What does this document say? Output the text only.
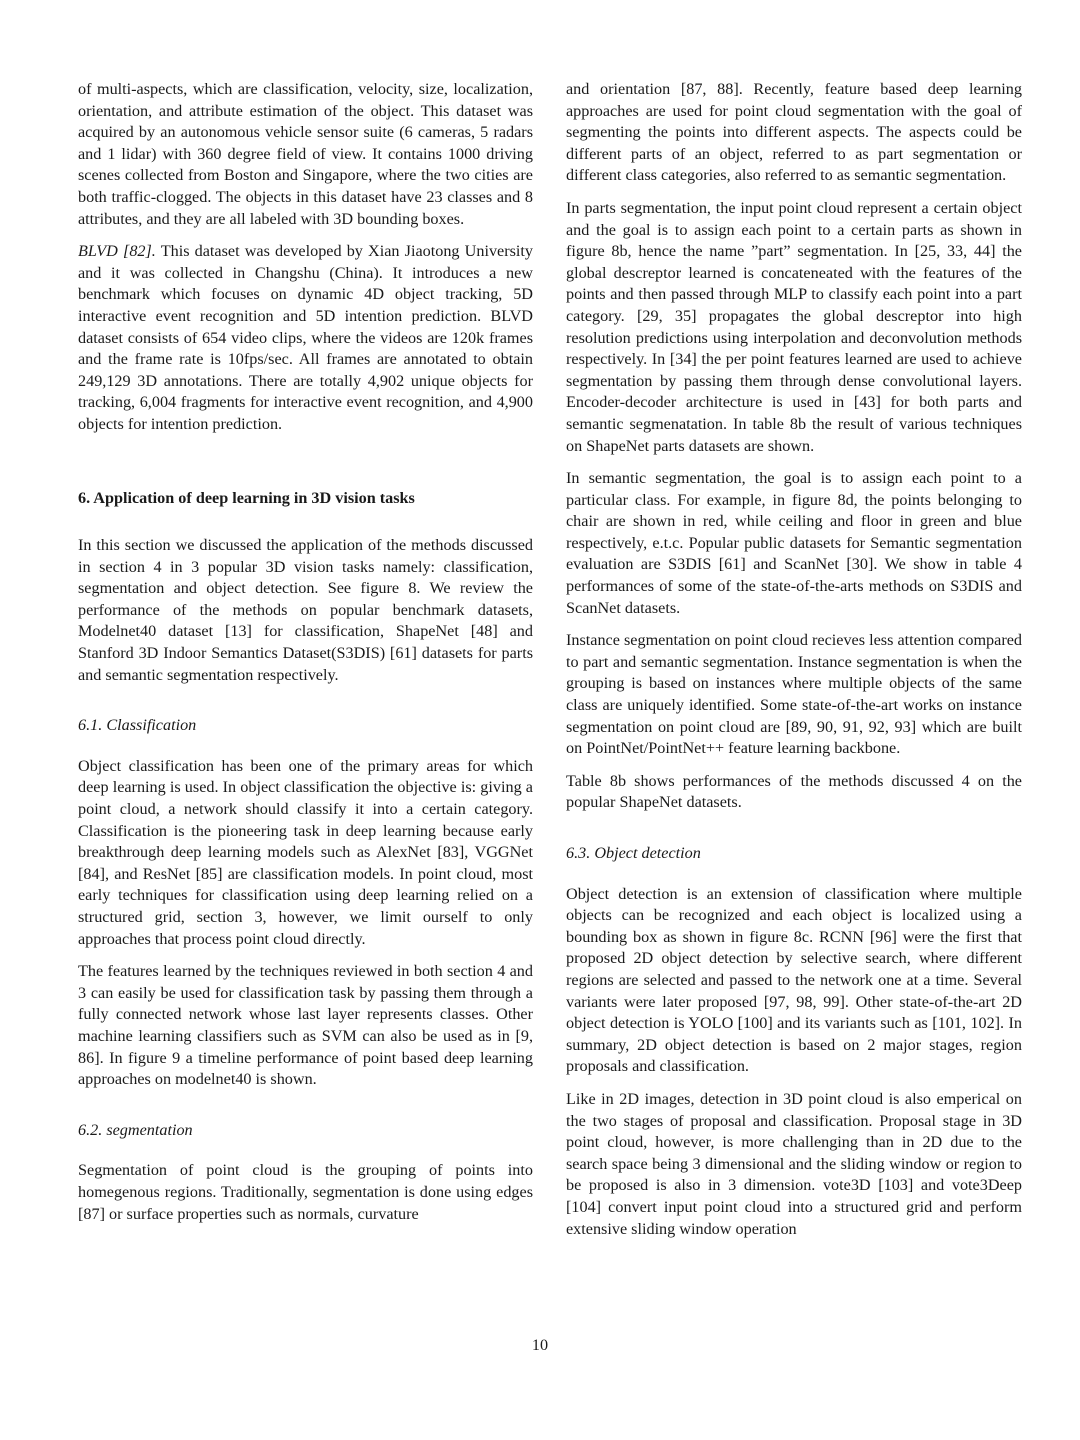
of multi-aspects, which are classification, velocity, size, localization, orientation, and attribute estimation of the object. This dataset was acquired by an autonomous vehicle sensor suite (6 cameras, 5 radars and 1 lidar) with 360 degree field of view. It contains 1000 driving scenes collected from Boston and Singapore, where the two cities are both traffic-clogged. The objects in this dataset have 23 classes and 8 attributes, and they are all labeled with 3D bounding boxes.

BLVD [82]. This dataset was developed by Xian Jiaotong University and it was collected in Changshu (China). It introduces a new benchmark which focuses on dynamic 4D object tracking, 5D interactive event recognition and 5D intention prediction. BLVD dataset consists of 654 video clips, where the videos are 120k frames and the frame rate is 10fps/sec. All frames are annotated to obtain 249,129 3D annotations. There are totally 4,902 unique objects for tracking, 6,004 fragments for interactive event recognition, and 4,900 objects for intention prediction.

6. Application of deep learning in 3D vision tasks

In this section we discussed the application of the methods discussed in section 4 in 3 popular 3D vision tasks namely: classification, segmentation and object detection. See figure 8. We review the performance of the methods on popular benchmark datasets, Modelnet40 dataset [13] for classification, ShapeNet [48] and Stanford 3D Indoor Semantics Dataset(S3DIS) [61] datasets for parts and semantic segmentation respectively.

6.1. Classification

Object classification has been one of the primary areas for which deep learning is used. In object classification the objective is: giving a point cloud, a network should classify it into a certain category. Classification is the pioneering task in deep learning because early breakthrough deep learning models such as AlexNet [83], VGGNet [84], and ResNet [85] are classification models. In point cloud, most early techniques for classification using deep learning relied on a structured grid, section 3, however, we limit ourself to only approaches that process point cloud directly.

The features learned by the techniques reviewed in both section 4 and 3 can easily be used for classification task by passing them through a fully connected network whose last layer represents classes. Other machine learning classifiers such as SVM can also be used as in [9, 86]. In figure 9 a timeline performance of point based deep learning approaches on modelnet40 is shown.

6.2. segmentation

Segmentation of point cloud is the grouping of points into homegenous regions. Traditionally, segmentation is done using edges [87] or surface properties such as normals, curvature

and orientation [87, 88]. Recently, feature based deep learning approaches are used for point cloud segmentation with the goal of segmenting the points into different aspects. The aspects could be different parts of an object, referred to as part segmentation or different class categories, also referred to as semantic segmentation.

In parts segmentation, the input point cloud represent a certain object and the goal is to assign each point to a certain parts as shown in figure 8b, hence the name ”part” segmentation. In [25, 33, 44] the global descreptor learned is concateneated with the features of the points and then passed through MLP to classify each point into a part category. [29, 35] propagates the global descreptor into high resolution predictions using interpolation and deconvolution methods respectively. In [34] the per point features learned are used to achieve segmentation by passing them through dense convolutional layers. Encoder-decoder architecture is used in [43] for both parts and semantic segmenatation. In table 8b the result of various techniques on ShapeNet parts datasets are shown.

In semantic segmentation, the goal is to assign each point to a particular class. For example, in figure 8d, the points belonging to chair are shown in red, while ceiling and floor in green and blue respectively, e.t.c. Popular public datasets for Semantic segmentation evaluation are S3DIS [61] and ScanNet [30]. We show in table 4 performances of some of the state-of-the-arts methods on S3DIS and ScanNet datasets.

Instance segmentation on point cloud recieves less attention compared to part and semantic segmentation. Instance segmentation is when the grouping is based on instances where multiple objects of the same class are uniquely identified. Some state-of-the-art works on instance segmentation on point cloud are [89, 90, 91, 92, 93] which are built on PointNet/PointNet++ feature learning backbone.

Table 8b shows performances of the methods discussed 4 on the popular ShapeNet datasets.

6.3. Object detection

Object detection is an extension of classification where multiple objects can be recognized and each object is localized using a bounding box as shown in figure 8c. RCNN [96] were the first that proposed 2D object detection by selective search, where different regions are selected and passed to the network one at a time. Several variants were later proposed [97, 98, 99]. Other state-of-the-art 2D object detection is YOLO [100] and its variants such as [101, 102]. In summary, 2D object detection is based on 2 major stages, region proposals and classification.

Like in 2D images, detection in 3D point cloud is also emperical on the two stages of proposal and classification. Proposal stage in 3D point cloud, however, is more challenging than in 2D due to the search space being 3 dimensional and the sliding window or region to be proposed is also in 3 dimension. vote3D [103] and vote3Deep [104] convert input point cloud into a structured grid and perform extensive sliding window operation

10
